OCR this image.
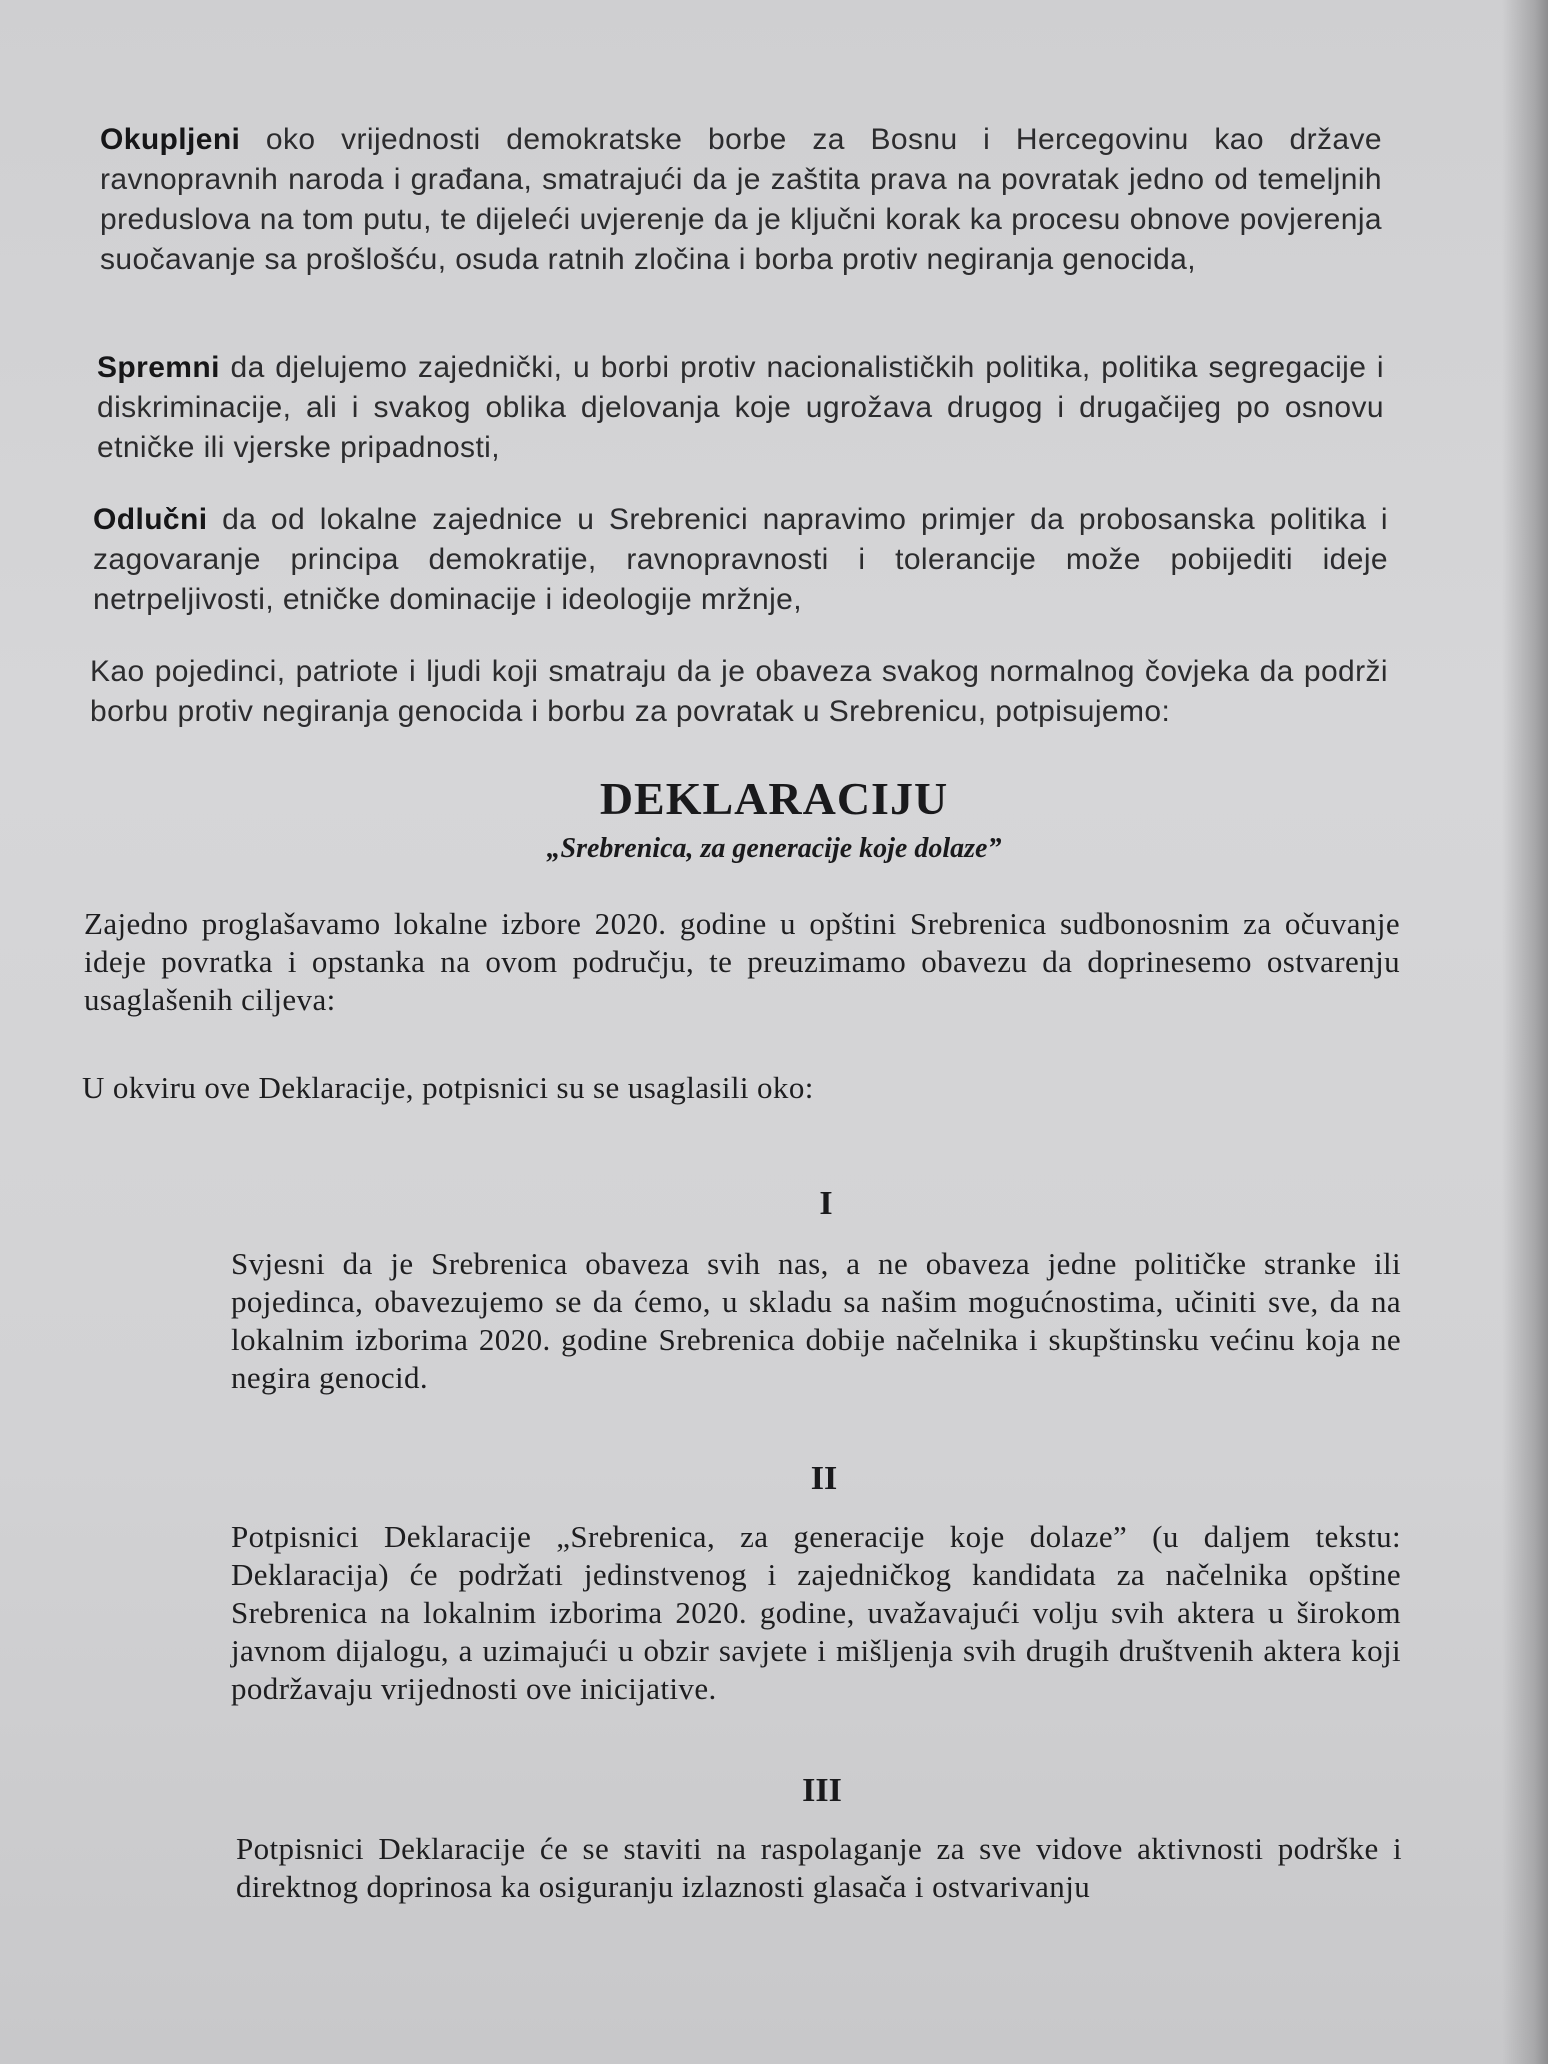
Okupljeni oko vrijednosti demokratske borbe za Bosnu i Hercegovinu kao države ravnopravnih naroda i građana, smatrajući da je zaštita prava na povratak jedno od temeljnih preduslova na tom putu, te dijeleći uvjerenje da je ključni korak ka procesu obnove povjerenja suočavanje sa prošlošću, osuda ratnih zločina i borba protiv negiranja genocida,

Spremni da djelujemo zajednički, u borbi protiv nacionalističkih politika, politika segregacije i diskriminacije, ali i svakog oblika djelovanja koje ugrožava drugog i drugačijeg po osnovu etničke ili vjerske pripadnosti,

Odlučni da od lokalne zajednice u Srebrenici napravimo primjer da probosanska politika i zagovaranje principa demokratije, ravnopravnosti i tolerancije može pobijediti ideje netrpeljivosti, etničke dominacije i ideologije mržnje,

Kao pojedinci, patriote i ljudi koji smatraju da je obaveza svakog normalnog čovjeka da podrži borbu protiv negiranja genocida i borbu za povratak u Srebrenicu, potpisujemo:

DEKLARACIJU
„Srebrenica, za generacije koje dolaze”

Zajedno proglašavamo lokalne izbore 2020. godine u opštini Srebrenica sudbonosnim za očuvanje ideje povratka i opstanka na ovom području, te preuzimamo obavezu da doprinesemo ostvarenju usaglašenih ciljeva:

U okviru ove Deklaracije, potpisnici su se usaglasili oko:

I

Svjesni da je Srebrenica obaveza svih nas, a ne obaveza jedne političke stranke ili pojedinca, obavezujemo se da ćemo, u skladu sa našim mogućnostima, učiniti sve, da na lokalnim izborima 2020. godine Srebrenica dobije načelnika i skupštinsku većinu koja ne negira genocid.

II

Potpisnici Deklaracije „Srebrenica, za generacije koje dolaze” (u daljem tekstu: Deklaracija) će podržati jedinstvenog i zajedničkog kandidata za načelnika opštine Srebrenica na lokalnim izborima 2020. godine, uvažavajući volju svih aktera u širokom javnom dijalogu, a uzimajući u obzir savjete i mišljenja svih drugih društvenih aktera koji podržavaju vrijednosti ove inicijative.

III

Potpisnici Deklaracije će se staviti na raspolaganje za sve vidove aktivnosti podrške i direktnog doprinosa ka osiguranju izlaznosti glasača i ostvarivanju
